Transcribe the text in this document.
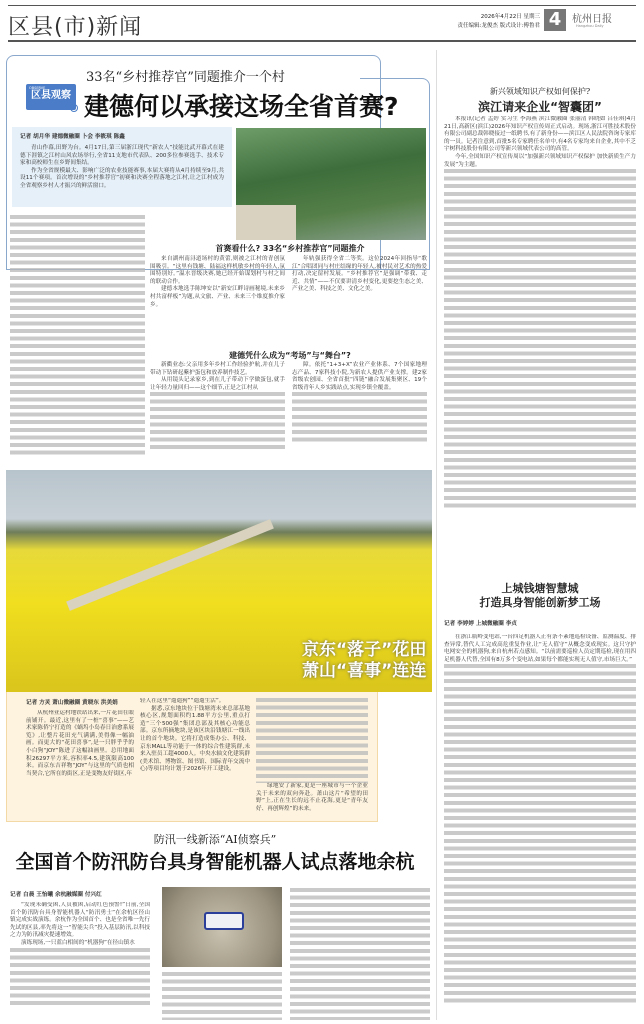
区县(市)新闻	2026年4月22日 星期三
责任编辑:龙俊杰 版式设计:傅鲁君 4	杭州日报
Hangzhou Daily
OBSERVE
区县观察
33名“乡村推荐官”同题推介一个村
建德何以承接这场全省首赛?
记者 胡月华 建德微融圈 卜会 李筱琪 陈鑫

青山作幕,田野为台。4月17日,第三届浙江现代“新农人”技能比武开幕式在建德下涯镇之江村山风农场举行,全省11支地市代表队、200多位参赛选手、技术专家和高校师生在乡野间集结。

作为全省规模最大、影响广泛的农业技能赛事,本届大赛将从4月持续至9月,共设11个赛项。首次增设的“乡村推荐官”初赛和决赛全程落地之江村,让之江村成为全省观察乡村人才振兴的鲜活窗口。

首赛看什么? 33名“乡村推荐官”同题推介

来自湖州南浔道场村的黄蕾,则被之江村的青创氛围吸引。“这里有钱塘、陆福这样机敏乡村的年轻人,氛围特别好。”温水晋级决赛,她已经开始谋划村与村之间的联动合作。

建德本地选手陈坤安以“新安江畔诗画秘境,未来乡村共富样板”为题,从文旅、产业、未来三个维度推介家乡。

年轨强获得全省二等奖。这位2024年回指导“歌江”合唱团同与村庄结缘的年轻人,被村民对艺术的热爱打动,决定留村发展。“乡村推荐官”是强调“带我、走近、共情”——不仅要讲清乡村变化,更要挖生态之美、产业之美、科技之美、文化之美。

建德凭什么成为“考场”与“舞台”?

新衢业态:父亲用多年乡村工作经验护航,并在儿子带动下钻研起紫护蛋包和放养制作技艺。

从用镜头记录家乡,到在儿子带动下学做蛋包,就手让年轻力量回归——这个细节,正是之江村从

障。依托“1+3+X”农业产业体系、7个国家地理志产品、7家科技小院,为新农人提供产业支撑。建2家省级农创园、全省首批“四链”融合发展集聚区、19个省级青年人乡实践站点,实现乡镇全覆盖。

京东“落子”花田
萧山“喜事”连连
记者 方灵 萧山微融圈 黄晓东 洪美娟

从杭州亚运村地铁站出来,一片花田在眼前铺开。最近,这里有了一桩“喜事”——艺术家陈侨宁打造的《蜗坞小岛春日治愈系展览》,让整片花田充气满满,美得像一幅油画。而更大的“花田喜事”,是一只胖乎乎的小白狗“JOY”陈进了这幅油画里。总用地面积26297平方米,容积率4.5,建筑限高100米。而京东吉祥物“JOY”与这里的气质也相当契合,它所在的街区,正是变物友好街区,年

轻人在这里“遛遛狗”“遛遛生活”。

据悉,京东地块位于钱塘湾未来总部基地核心区,规划面积约1.88平方公里,重点打造“三个500强”集团总部及其核心功能总部。京东所摘地块,是该区块沿钱塘江一线出让的首个地块。它将打造成集办公、科技、京东MALL等功能于一体的综合性建筑群,未来入驻员工超4000人。中央水轴文化建筑群(美术馆、博物馆、图书馆、国际青年交流中心)等项目均计划于2026年开工建设。

绿地安了新家,更是一座城市与一个企业关于未来的双向奔赴。萧山这片“希望的田野”上,正在生长的远不止花海,更是“青年友好、再创辉煌”的未来。

防汛一线新添“AI侦察兵”
全国首个防汛防台具身智能机器人试点落地余杭
记者 白晨 王怡曦 余杭融媒圈 付兴红

“发现未确受困,人员被困,启动红色预警!”日前,全国首个防汛防台具身智能机器人“防汛勇士”在余杭区径山镇完成实战演练。余杭作为全国首个、也是全省唯一先行先试的区县,率先将这一“智能尖兵”投入基层防汛,以科技之力为防汛减灾提速增效。

演练现场,一只蓝白相间的“机器狗”在径山镇水

新兴领域知识产权如何保护?
滨江请来企业“智囊团”

本报讯(记者 孟婷 实习生 李海燕 滨江微融圈 张丽清 韩晓如 吕佳琪)4月21日,高新区(滨江)2026年知识产权宣传周正式启动。现场,浙江可胜技术股份有限公司副总裁韩晓接过一纸聘书,有了新身份——滨江区人民法院咨询专家库的一员。记者注意到,首批5名专家聘任名单中,有4名专家均来自企业,其中不乏宇树科技股份有限公司等新兴领域代表公司的高管。

今年,全国知识产权宣传周以“加强新兴领域知识产权保护 加快新质生产力发展”为主题。

上城钱塘智慧城
打造具身智能创新梦工场
记者 李婷婷 上城微融圈 李贞

在浙江瓶岭变电站,一台四足机器人正有条不紊地巡检设备、监测温度、排查异常,替代人工完成高危重复作业,让“无人值守”从概念变成现实。这只守护电网安全的机器狗,来自杭州若点感知。“以前需要巡检人员定期巡检,现在用四足机器人代替,全国有8万多个变电站,如果每个都能实现无人值守,市场巨大。”
